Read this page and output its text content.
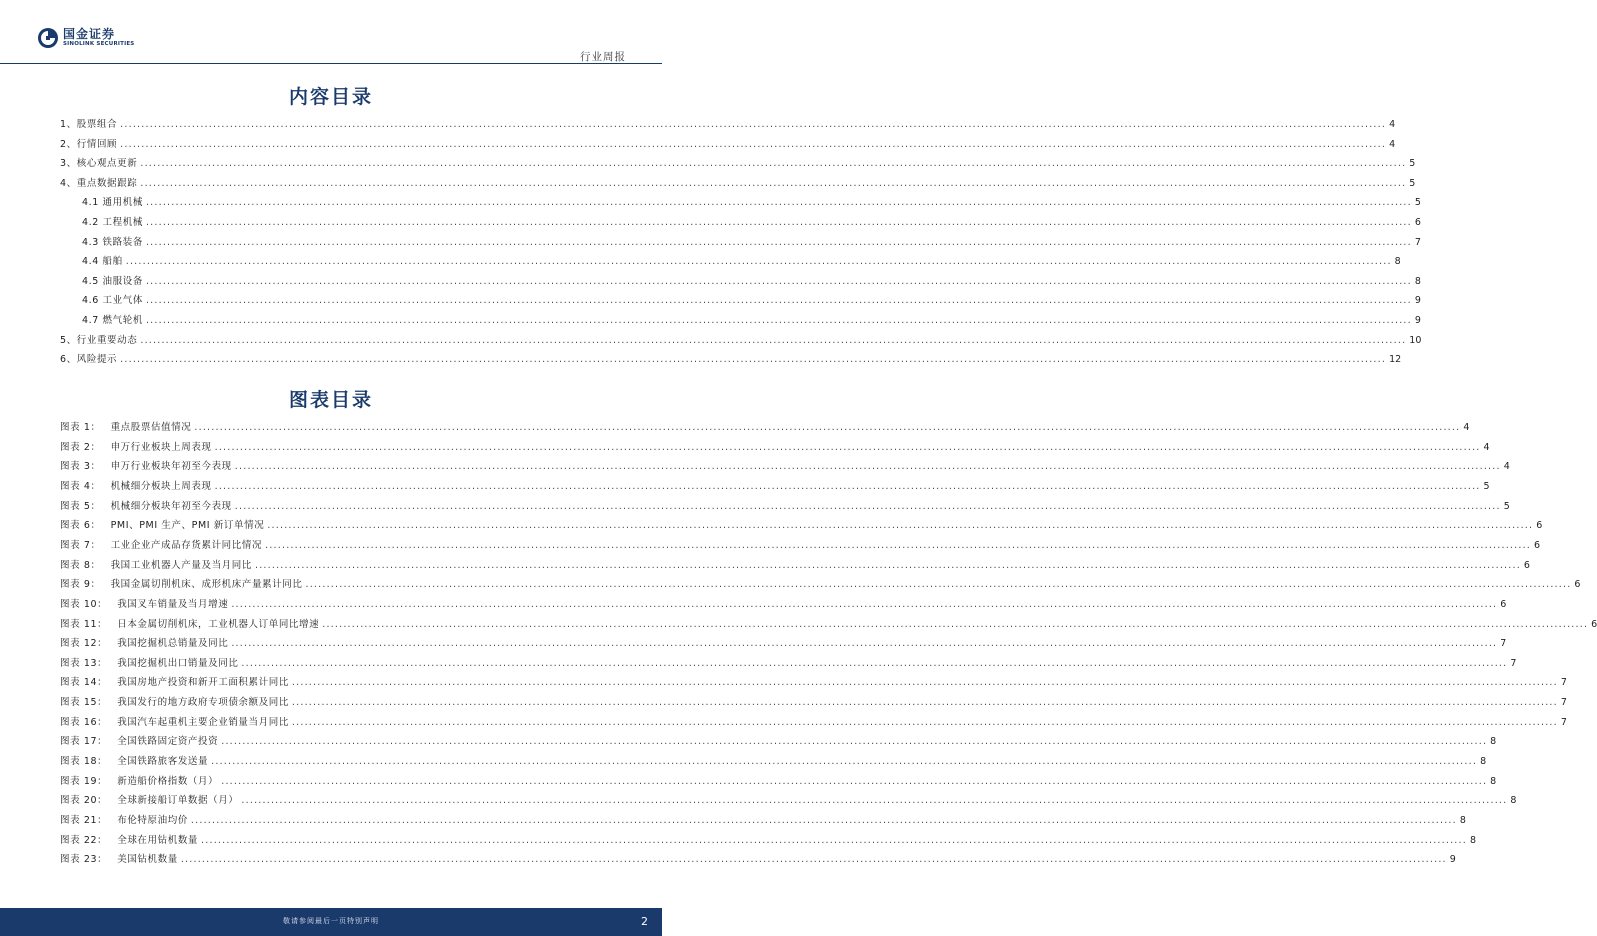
国金证券
SINOLINK SECURITIES
行业周报
内容目录
1、股票组合 ............................................................................................................................................................................................................................................................................................................ 4
2、行情回顾 ............................................................................................................................................................................................................................................................................................................ 4
3、核心观点更新 ............................................................................................................................................................................................................................................................................................................ 5
4、重点数据跟踪 ............................................................................................................................................................................................................................................................................................................ 5
4.1 通用机械 ............................................................................................................................................................................................................................................................................................................ 5
4.2 工程机械 ............................................................................................................................................................................................................................................................................................................ 6
4.3 铁路装备 ............................................................................................................................................................................................................................................................................................................ 7
4.4 船舶 ............................................................................................................................................................................................................................................................................................................ 8
4.5 油服设备 ............................................................................................................................................................................................................................................................................................................ 8
4.6 工业气体 ............................................................................................................................................................................................................................................................................................................ 9
4.7 燃气轮机 ............................................................................................................................................................................................................................................................................................................ 9
5、行业重要动态 ............................................................................................................................................................................................................................................................................................................ 10
6、风险提示 ............................................................................................................................................................................................................................................................................................................ 12
图表目录
图表 1： 重点股票估值情况 ............................................................................................................................................................................................................................................................................................................ 4
图表 2： 申万行业板块上周表现 ............................................................................................................................................................................................................................................................................................................ 4
图表 3： 申万行业板块年初至今表现 ............................................................................................................................................................................................................................................................................................................ 4
图表 4： 机械细分板块上周表现 ............................................................................................................................................................................................................................................................................................................ 5
图表 5： 机械细分板块年初至今表现 ............................................................................................................................................................................................................................................................................................................ 5
图表 6： PMI、PMI 生产、PMI 新订单情况 ............................................................................................................................................................................................................................................................................................................ 6
图表 7： 工业企业产成品存货累计同比情况 ............................................................................................................................................................................................................................................................................................................ 6
图表 8： 我国工业机器人产量及当月同比 ............................................................................................................................................................................................................................................................................................................ 6
图表 9： 我国金属切削机床、成形机床产量累计同比 ............................................................................................................................................................................................................................................................................................................ 6
图表 10： 我国叉车销量及当月增速 ............................................................................................................................................................................................................................................................................................................ 6
图表 11： 日本金属切削机床，工业机器人订单同比增速 ............................................................................................................................................................................................................................................................................................................ 6
图表 12： 我国挖掘机总销量及同比 ............................................................................................................................................................................................................................................................................................................ 7
图表 13： 我国挖掘机出口销量及同比 ............................................................................................................................................................................................................................................................................................................ 7
图表 14： 我国房地产投资和新开工面积累计同比 ............................................................................................................................................................................................................................................................................................................ 7
图表 15： 我国发行的地方政府专项债余额及同比 ............................................................................................................................................................................................................................................................................................................ 7
图表 16： 我国汽车起重机主要企业销量当月同比 ............................................................................................................................................................................................................................................................................................................ 7
图表 17： 全国铁路固定资产投资 ............................................................................................................................................................................................................................................................................................................ 8
图表 18： 全国铁路旅客发送量 ............................................................................................................................................................................................................................................................................................................ 8
图表 19： 新造船价格指数（月） ............................................................................................................................................................................................................................................................................................................ 8
图表 20： 全球新接船订单数据（月） ............................................................................................................................................................................................................................................................................................................ 8
图表 21： 布伦特原油均价 ............................................................................................................................................................................................................................................................................................................ 8
图表 22： 全球在用钻机数量 ............................................................................................................................................................................................................................................................................................................ 8
图表 23： 美国钻机数量 ............................................................................................................................................................................................................................................................................................................ 9
敬请参阅最后一页特别声明	2
